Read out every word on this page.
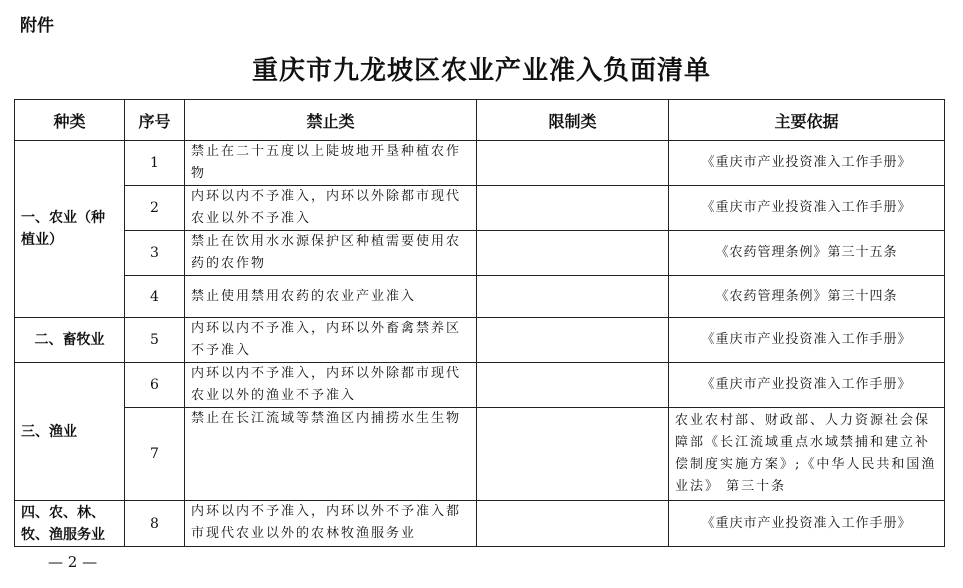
附件
重庆市九龙坡区农业产业准入负面清单
种类	序号	禁止类	限制类	主要依据
一、农业（种植业）	1	禁止在二十五度以上陡坡地开垦种植农作物		《重庆市产业投资准入工作手册》
	2	内环以内不予准入，内环以外除都市现代农业以外不予准入		《重庆市产业投资准入工作手册》
	3	禁止在饮用水水源保护区种植需要使用农药的农作物		《农药管理条例》第三十五条
	4	禁止使用禁用农药的农业产业准入		《农药管理条例》第三十四条
二、畜牧业	5	内环以内不予准入，内环以外畜禽禁养区不予准入		《重庆市产业投资准入工作手册》
三、渔业	6	内环以内不予准入，内环以外除都市现代农业以外的渔业不予准入		《重庆市产业投资准入工作手册》
	7	禁止在长江流域等禁渔区内捕捞水生生物		农业农村部、财政部、人力资源社会保障部《长江流域重点水域禁捕和建立补偿制度实施方案》;《中华人民共和国渔业法》 第三十条
四、农、林、牧、渔服务业	8	内环以内不予准入，内环以外不予准入都市现代农业以外的农林牧渔服务业		《重庆市产业投资准入工作手册》
— 2 —
